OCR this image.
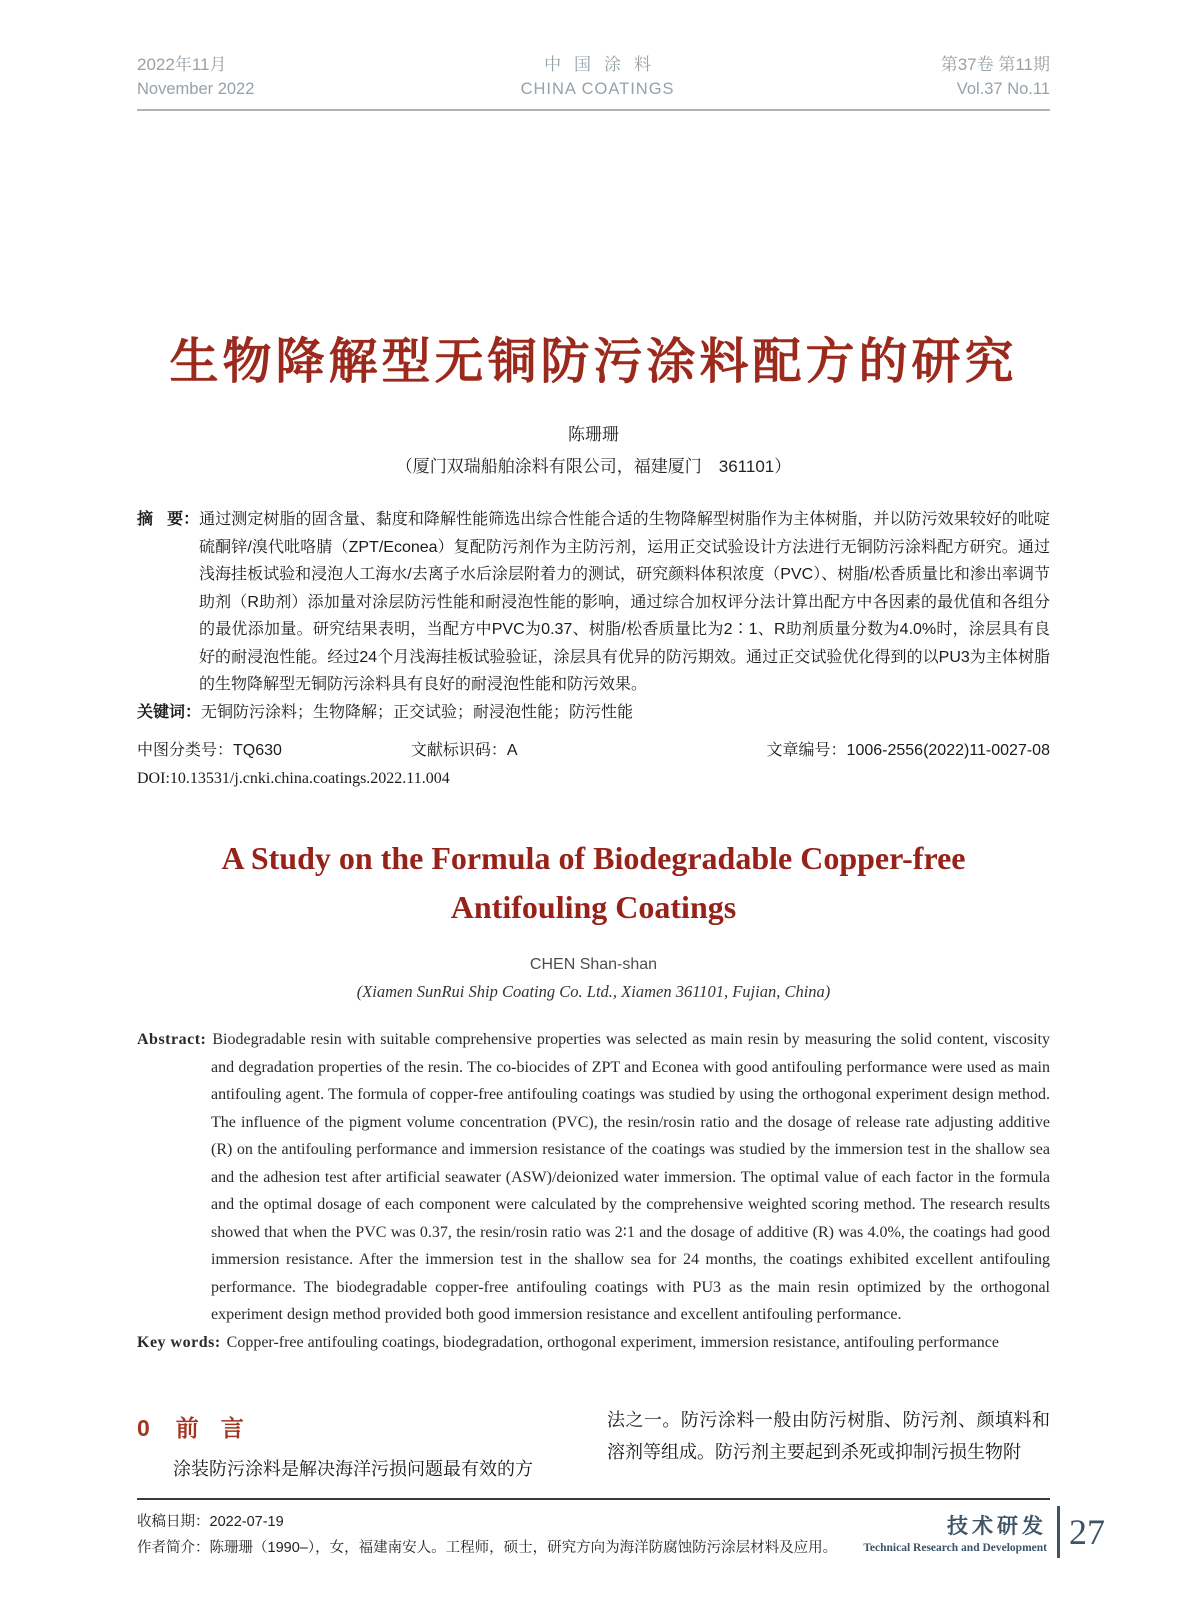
2022年11月
November 2022
中国涂料
CHINA COATINGS
第37卷 第11期
Vol.37 No.11
生物降解型无铜防污涂料配方的研究
陈珊珊
（厦门双瑞船舶涂料有限公司，福建厦门　361101）

摘要：通过测定树脂的固含量、黏度和降解性能筛选出综合性能合适的生物降解型树脂作为主体树脂，并以防污效果较好的吡啶硫酮锌/溴代吡咯腈（ZPT/Econea）复配防污剂作为主防污剂，运用正交试验设计方法进行无铜防污涂料配方研究。通过浅海挂板试验和浸泡人工海水/去离子水后涂层附着力的测试，研究颜料体积浓度（PVC）、树脂/松香质量比和渗出率调节助剂（R助剂）添加量对涂层防污性能和耐浸泡性能的影响，通过综合加权评分法计算出配方中各因素的最优值和各组分的最优添加量。研究结果表明，当配方中PVC为0.37、树脂/松香质量比为2∶1、R助剂质量分数为4.0%时，涂层具有良好的耐浸泡性能。经过24个月浅海挂板试验验证，涂层具有优异的防污期效。通过正交试验优化得到的以PU3为主体树脂的生物降解型无铜防污涂料具有良好的耐浸泡性能和防污效果。

关键词：无铜防污涂料；生物降解；正交试验；耐浸泡性能；防污性能

中图分类号：TQ630	文献标识码：A	文章编号：1006-2556(2022)11-0027-08
DOI:10.13531/j.cnki.china.coatings.2022.11.004
A Study on the Formula of Biodegradable Copper-free
Antifouling Coatings
CHEN Shan-shan
(Xiamen SunRui Ship Coating Co. Ltd., Xiamen 361101, Fujian, China)

Abstract: Biodegradable resin with suitable comprehensive properties was selected as main resin by measuring the solid content, viscosity and degradation properties of the resin. The co-biocides of ZPT and Econea with good antifouling performance were used as main antifouling agent. The formula of copper-free antifouling coatings was studied by using the orthogonal experiment design method. The influence of the pigment volume concentration (PVC), the resin/rosin ratio and the dosage of release rate adjusting additive (R) on the antifouling performance and immersion resistance of the coatings was studied by the immersion test in the shallow sea and the adhesion test after artificial seawater (ASW)/deionized water immersion. The optimal value of each factor in the formula and the optimal dosage of each component were calculated by the comprehensive weighted scoring method. The research results showed that when the PVC was 0.37, the resin/rosin ratio was 2∶1 and the dosage of additive (R) was 4.0%, the coatings had good immersion resistance. After the immersion test in the shallow sea for 24 months, the coatings exhibited excellent antifouling performance. The biodegradable copper-free antifouling coatings with PU3 as the main resin optimized by the orthogonal experiment design method provided both good immersion resistance and excellent antifouling performance.

Key words: Copper-free antifouling coatings, biodegradation, orthogonal experiment, immersion resistance, antifouling performance

0 前言

涂装防污涂料是解决海洋污损问题最有效的方

法之一。防污涂料一般由防污树脂、防污剂、颜填料和溶剂等组成。防污剂主要起到杀死或抑制污损生物附

收稿日期：2022-07-19
作者简介：陈珊珊（1990–），女，福建南安人。工程师，硕士，研究方向为海洋防腐蚀防污涂层材料及应用。
技术研发
Technical Research and Development 27
